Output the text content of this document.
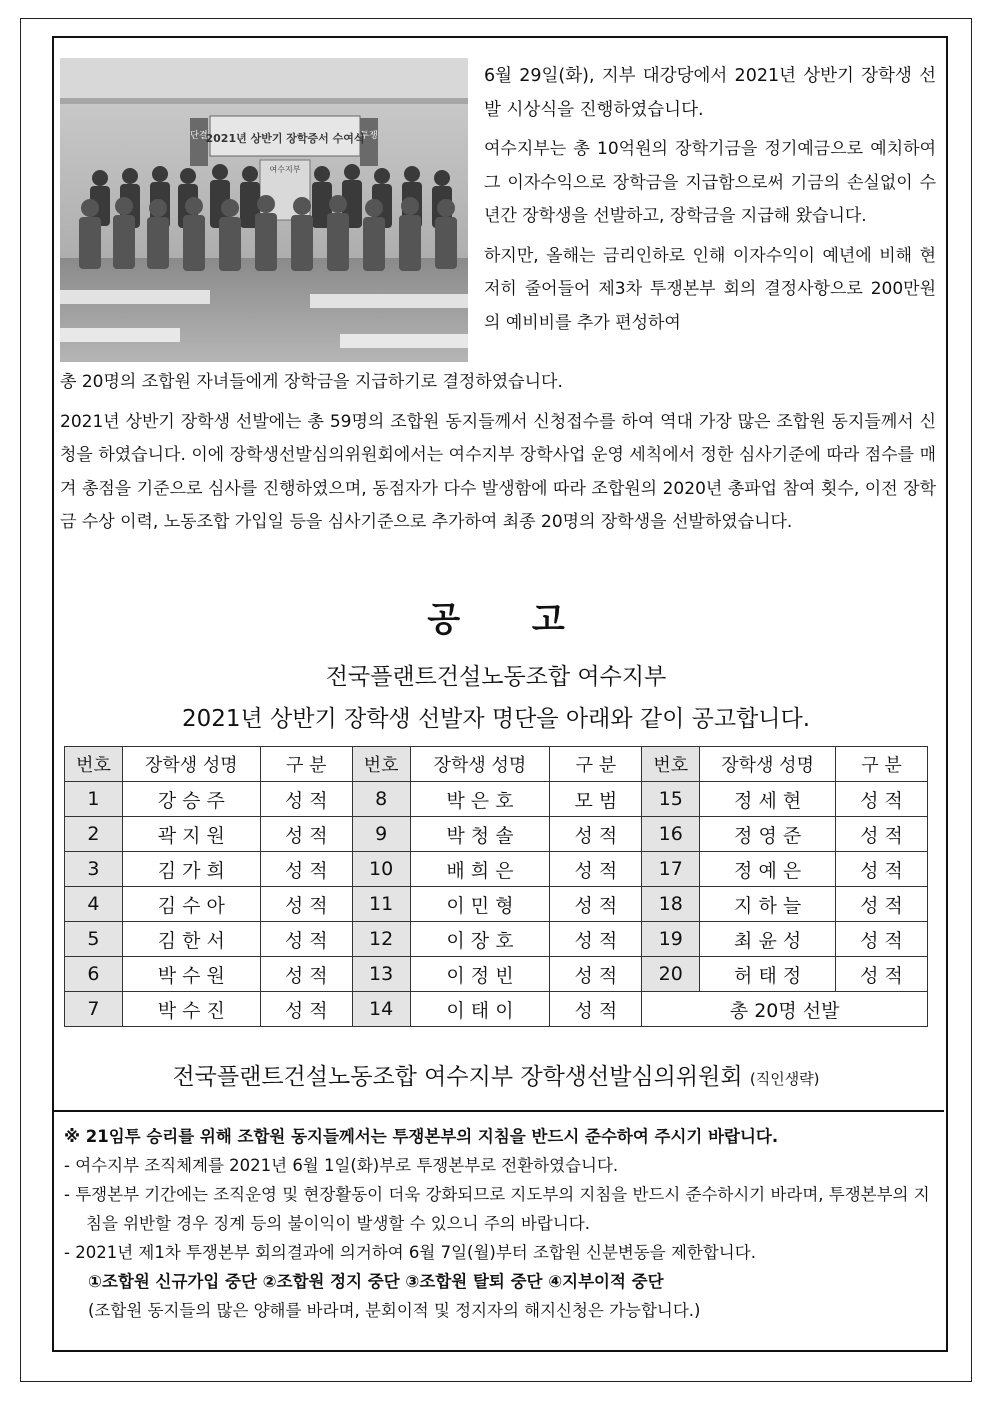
단결	투쟁
2021년 상반기 장학증서 수여식
여수지부

6월 29일(화), 지부 대강당에서 2021년 상반기 장학생 선발 시상식을 진행하였습니다.

여수지부는 총 10억원의 장학기금을 정기예금으로 예치하여 그 이자수익으로 장학금을 지급함으로써 기금의 손실없이 수년간 장학생을 선발하고, 장학금을 지급해 왔습니다.

하지만, 올해는 금리인하로 인해 이자수익이 예년에 비해 현저히 줄어들어 제3차 투쟁본부 회의 결정사항으로 200만원의 예비비를 추가 편성하여

총 20명의 조합원 자녀들에게 장학금을 지급하기로 결정하였습니다.

2021년 상반기 장학생 선발에는 총 59명의 조합원 동지들께서 신청접수를 하여 역대 가장 많은 조합원 동지들께서 신청을 하였습니다. 이에 장학생선발심의위원회에서는 여수지부 장학사업 운영 세칙에서 정한 심사기준에 따라 점수를 매겨 총점을 기준으로 심사를 진행하였으며, 동점자가 다수 발생함에 따라 조합원의 2020년 총파업 참여 횟수, 이전 장학금 수상 이력, 노동조합 가입일 등을 심사기준으로 추가하여 최종 20명의 장학생을 선발하였습니다.

공 고
전국플랜트건설노동조합 여수지부
2021년 상반기 장학생 선발자 명단을 아래와 같이 공고합니다.
번호	장학생 성명	구 분	번호	장학생 성명	구 분	번호	장학생 성명	구 분
1	강 승 주	성 적	8	박 은 호	모 범	15	정 세 현	성 적
2	곽 지 원	성 적	9	박 청 솔	성 적	16	정 영 준	성 적
3	김 가 희	성 적	10	배 희 은	성 적	17	정 예 은	성 적
4	김 수 아	성 적	11	이 민 형	성 적	18	지 하 늘	성 적
5	김 한 서	성 적	12	이 장 호	성 적	19	최 윤 성	성 적
6	박 수 원	성 적	13	이 정 빈	성 적	20	허 태 정	성 적
7	박 수 진	성 적	14	이 태 이	성 적	총 20명 선발		
전국플랜트건설노동조합 여수지부 장학생선발심의위원회 (직인생략)
※ 21임투 승리를 위해 조합원 동지들께서는 투쟁본부의 지침을 반드시 준수하여 주시기 바랍니다.
- 여수지부 조직체계를 2021년 6월 1일(화)부로 투쟁본부로 전환하였습니다.
- 투쟁본부 기간에는 조직운영 및 현장활동이 더욱 강화되므로 지도부의 지침을 반드시 준수하시기 바라며, 투쟁본부의 지침을 위반할 경우 징계 등의 불이익이 발생할 수 있으니 주의 바랍니다.
- 2021년 제1차 투쟁본부 회의결과에 의거하여 6월 7일(월)부터 조합원 신분변동을 제한합니다.
①조합원 신규가입 중단 ②조합원 정지 중단 ③조합원 탈퇴 중단 ④지부이적 중단
(조합원 동지들의 많은 양해를 바라며, 분회이적 및 정지자의 해지신청은 가능합니다.)
